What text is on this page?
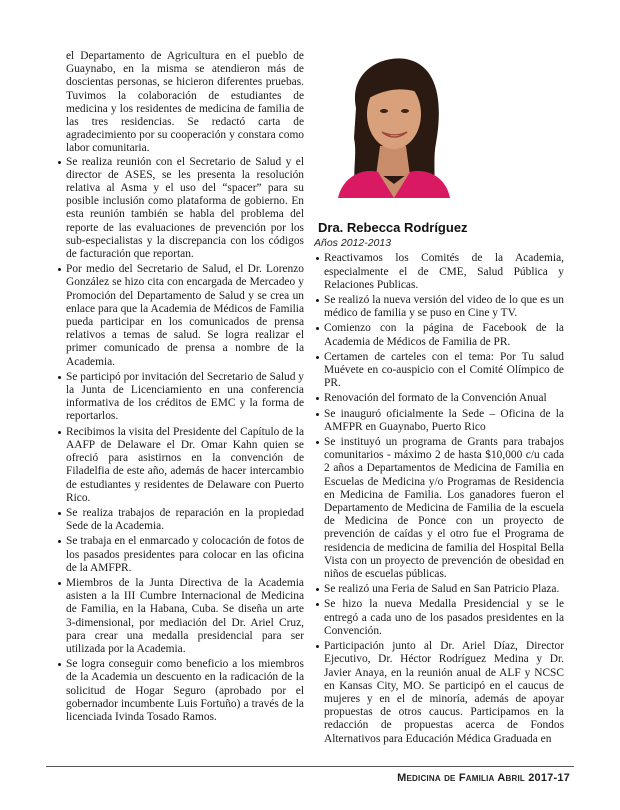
el Departamento de Agricultura en el pueblo de Guaynabo, en la misma se atendieron más de doscientas personas, se hicieron diferentes pruebas. Tuvimos la colaboración de estudiantes de medicina y los residentes de medicina de familia de las tres residencias. Se redactó carta de agradecimiento por su cooperación y constara como labor comunitaria.

Se realiza reunión con el Secretario de Salud y el director de ASES, se les presenta la resolución relativa al Asma y el uso del “spacer” para su posible inclusión como plataforma de gobierno. En esta reunión también se habla del problema del reporte de las evaluaciones de prevención por los sub-especialistas y la discrepancia con los códigos de facturación que reportan.
Por medio del Secretario de Salud, el Dr. Lorenzo González se hizo cita con encargada de Mercadeo y Promoción del Departamento de Salud y se crea un enlace para que la Academia de Médicos de Familia pueda participar en los comunicados de prensa relativos a temas de salud. Se logra realizar el primer comunicado de prensa a nombre de la Academia.
Se participó por invitación del Secretario de Salud y la Junta de Licenciamiento en una conferencia informativa de los créditos de EMC y la forma de reportarlos.
Recibimos la visita del Presidente del Capítulo de la AAFP de Delaware el Dr. Omar Kahn quien se ofreció para asistirnos en la convención de Filadelfia de este año, además de hacer intercambio de estudiantes y residentes de Delaware con Puerto Rico.
Se realiza trabajos de reparación en la propiedad Sede de la Academia.
Se trabaja en el enmarcado y colocación de fotos de los pasados presidentes para colocar en las oficina de la AMFPR.
Miembros de la Junta Directiva de la Academia asisten a la III Cumbre Internacional de Medicina de Familia, en la Habana, Cuba. Se diseña un arte 3-dimensional, por mediación del Dr. Ariel Cruz, para crear una medalla presidencial para ser utilizada por la Academia.
Se logra conseguir como beneficio a los miembros de la Academia un descuento en la radicación de la solicitud de Hogar Seguro (aprobado por el gobernador incumbente Luis Fortuño) a través de la licenciada Ivinda Tosado Ramos.
Dra. Rebecca Rodríguez
Años 2012-2013
Reactivamos los Comités de la Academia, especialmente el de CME, Salud Pública y Relaciones Publicas.
Se realizó la nueva versión del video de lo que es un médico de familia y se puso en Cine y TV.
Comienzo con la página de Facebook de la Academia de Médicos de Familia de PR.
Certamen de carteles con el tema: Por Tu salud Muévete en co-auspicio con el Comité Olímpico de PR.
Renovación del formato de la Convención Anual
Se inauguró oficialmente la Sede – Oficina de la AMFPR en Guaynabo, Puerto Rico
Se instituyó un programa de Grants para trabajos comunitarios - máximo 2 de hasta $10,000 c/u cada 2 años a Departamentos de Medicina de Familia en Escuelas de Medicina y/o Programas de Residencia en Medicina de Familia. Los ganadores fueron el Departamento de Medicina de Familia de la escuela de Medicina de Ponce con un proyecto de prevención de caídas y el otro fue el Programa de residencia de medicina de familia del Hospital Bella Vista con un proyecto de prevención de obesidad en niños de escuelas públicas.
Se realizó una Feria de Salud en San Patricio Plaza.
Se hizo la nueva Medalla Presidencial y se le entregó a cada uno de los pasados presidentes en la Convención.
Participación junto al Dr. Ariel Díaz, Director Ejecutivo, Dr. Héctor Rodríguez Medina y Dr. Javier Anaya, en la reunión anual de ALF y NCSC en Kansas City, MO. Se participó en el caucus de mujeres y en el de minoría, además de apoyar propuestas de otros caucus. Participamos en la redacción de propuestas acerca de Fondos Alternativos para Educación Médica Graduada en
Medicina de Familia Abril 2017-17
